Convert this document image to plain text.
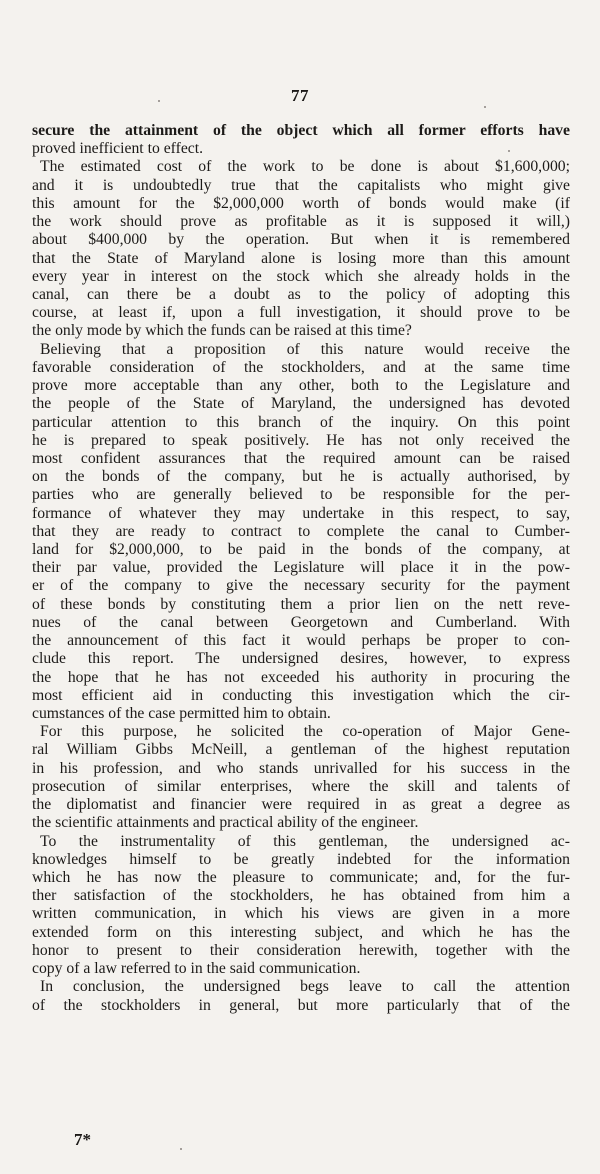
77
secure the attainment of the object which all former efforts have
proved inefficient to effect.
The estimated cost of the work to be done is about $1,600,000;
and it is undoubtedly true that the capitalists who might give
this amount for the $2,000,000 worth of bonds would make (if
the work should prove as profitable as it is supposed it will,)
about $400,000 by the operation. But when it is remembered
that the State of Maryland alone is losing more than this amount
every year in interest on the stock which she already holds in the
canal, can there be a doubt as to the policy of adopting this
course, at least if, upon a full investigation, it should prove to be
the only mode by which the funds can be raised at this time?
Believing that a proposition of this nature would receive the
favorable consideration of the stockholders, and at the same time
prove more acceptable than any other, both to the Legislature and
the people of the State of Maryland, the undersigned has devoted
particular attention to this branch of the inquiry. On this point
he is prepared to speak positively. He has not only received the
most confident assurances that the required amount can be raised
on the bonds of the company, but he is actually authorised, by
parties who are generally believed to be responsible for the per-
formance of whatever they may undertake in this respect, to say,
that they are ready to contract to complete the canal to Cumber-
land for $2,000,000, to be paid in the bonds of the company, at
their par value, provided the Legislature will place it in the pow-
er of the company to give the necessary security for the payment
of these bonds by constituting them a prior lien on the nett reve-
nues of the canal between Georgetown and Cumberland. With
the announcement of this fact it would perhaps be proper to con-
clude this report. The undersigned desires, however, to express
the hope that he has not exceeded his authority in procuring the
most efficient aid in conducting this investigation which the cir-
cumstances of the case permitted him to obtain.
For this purpose, he solicited the co-operation of Major Gene-
ral William Gibbs McNeill, a gentleman of the highest reputation
in his profession, and who stands unrivalled for his success in the
prosecution of similar enterprises, where the skill and talents of
the diplomatist and financier were required in as great a degree as
the scientific attainments and practical ability of the engineer.
To the instrumentality of this gentleman, the undersigned ac-
knowledges himself to be greatly indebted for the information
which he has now the pleasure to communicate; and, for the fur-
ther satisfaction of the stockholders, he has obtained from him a
written communication, in which his views are given in a more
extended form on this interesting subject, and which he has the
honor to present to their consideration herewith, together with the
copy of a law referred to in the said communication.
In conclusion, the undersigned begs leave to call the attention
of the stockholders in general, but more particularly that of the
7*
